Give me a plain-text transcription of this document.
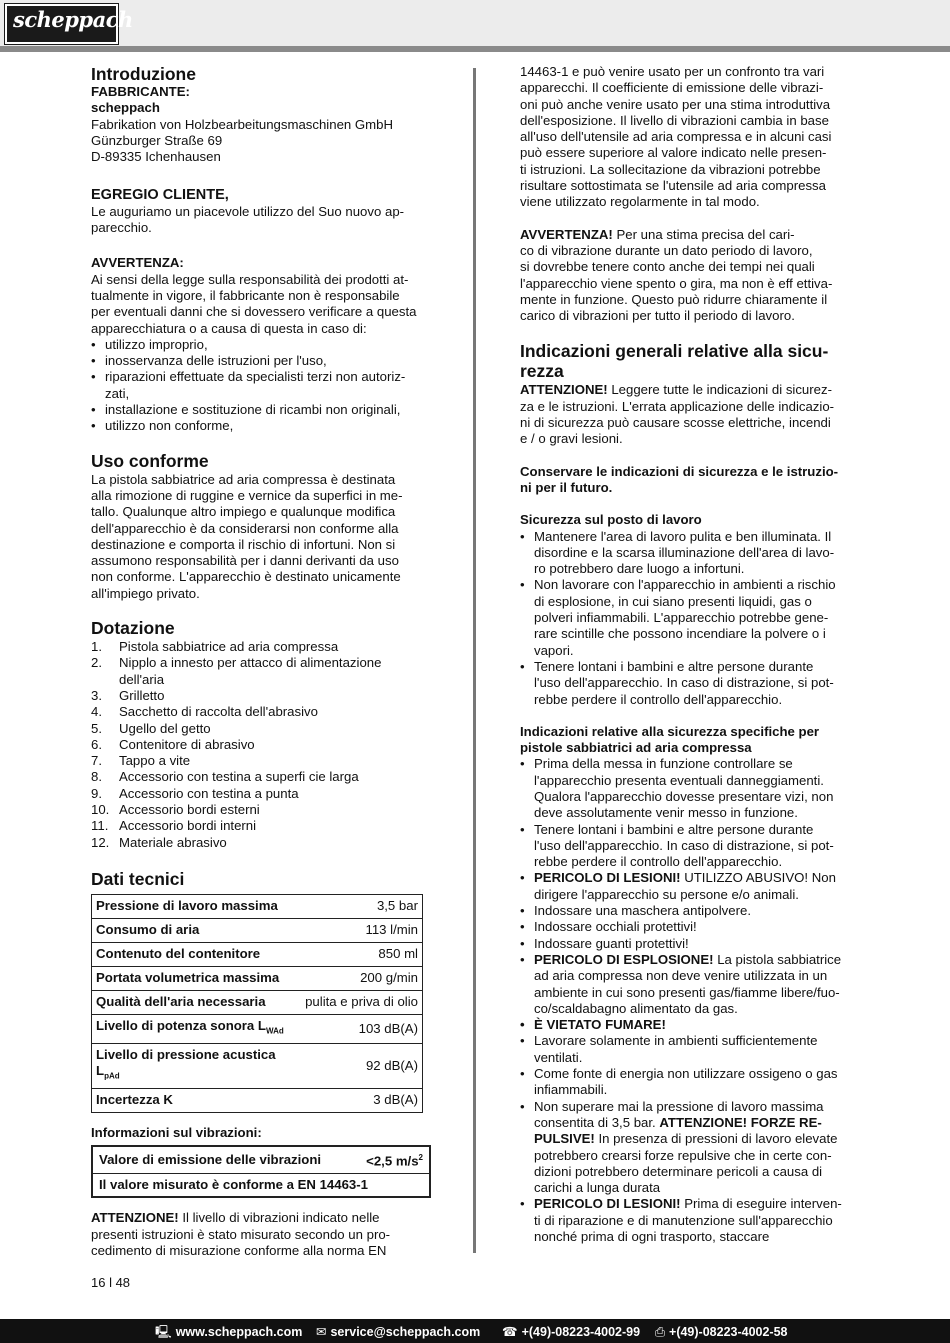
scheppach
Introduzione

FABBRICANTE:

scheppach

Fabrikation von Holzbearbeitungsmaschinen GmbH

Günzburger Straße 69

D-89335 Ichenhausen

EGREGIO CLIENTE,

Le auguriamo un piacevole utilizzo del Suo nuovo ap-

parecchio.

AVVERTENZA:

Ai sensi della legge sulla responsabilità dei prodotti at-

tualmente in vigore, il fabbricante non è responsabile

per eventuali danni che si dovessero verificare a questa

apparecchiatura o a causa di questa in caso di:

• utilizzo improprio,
• inosservanza delle istruzioni per l'uso,
• riparazioni effettuate da specialisti terzi non autoriz-
zati,
• installazione e sostituzione di ricambi non originali,
• utilizzo non conforme,
Uso conforme

La pistola sabbiatrice ad aria compressa è destinata

alla rimozione di ruggine e vernice da superfici in me-

tallo. Qualunque altro impiego e qualunque modifica

dell'apparecchio è da considerarsi non conforme alla

destinazione e comporta il rischio di infortuni. Non si

assumono responsabilità per i danni derivanti da uso

non conforme. L'apparecchio è destinato unicamente

all'impiego privato.

Dotazione
1. Pistola sabbiatrice ad aria compressa
2. Nipplo a innesto per attacco di alimentazione
dell'aria
3. Grilletto
4. Sacchetto di raccolta dell'abrasivo
5. Ugello del getto
6. Contenitore di abrasivo
7. Tappo a vite
8. Accessorio con testina a superfi cie larga
9. Accessorio con testina a punta
10. Accessorio bordi esterni
11. Accessorio bordi interni
12. Materiale abrasivo
Dati tecnici
Pressione di lavoro massima	3,5 bar
Consumo di aria	113 l/min
Contenuto del contenitore	850 ml
Portata volumetrica massima	200 g/min
Qualità dell'aria necessaria	pulita e priva di olio
Livello di potenza sonora $L_{WAd}$	103 dB(A)
Livello di pressione acustica
$L_{pAd}$	92 dB(A)
Incertezza K	3 dB(A)

Informazioni sul vibrazioni:

Valore di emissione delle vibrazioni	<2,5 $m/s^2$
Il valore misurato è conforme a EN 14463-1

ATTENZIONE! Il livello di vibrazioni indicato nelle

presenti istruzioni è stato misurato secondo un pro-

cedimento di misurazione conforme alla norma EN

14463-1 e può venire usato per un confronto tra vari

apparecchi. Il coefficiente di emissione delle vibrazi-

oni può anche venire usato per una stima introduttiva

dell'esposizione. Il livello di vibrazioni cambia in base

all'uso dell'utensile ad aria compressa e in alcuni casi

può essere superiore al valore indicato nelle presen-

ti istruzioni. La sollecitazione da vibrazioni potrebbe

risultare sottostimata se l'utensile ad aria compressa

viene utilizzato regolarmente in tal modo.

AVVERTENZA! Per una stima precisa del cari-

co di vibrazione durante un dato periodo di lavoro,

si dovrebbe tenere conto anche dei tempi nei quali

l'apparecchio viene spento o gira, ma non è eff ettiva-

mente in funzione. Questo può ridurre chiaramente il

carico di vibrazioni per tutto il periodo di lavoro.

Indicazioni generali relative alla sicu-
rezza

ATTENZIONE! Leggere tutte le indicazioni di sicurez-

za e le istruzioni. L'errata applicazione delle indicazio-

ni di sicurezza può causare scosse elettriche, incendi

e / o gravi lesioni.

Conservare le indicazioni di sicurezza e le istruzio-

ni per il futuro.

Sicurezza sul posto di lavoro

• Mantenere l'area di lavoro pulita e ben illuminata. Il
disordine e la scarsa illuminazione dell'area di lavo-
ro potrebbero dare luogo a infortuni.
• Non lavorare con l'apparecchio in ambienti a rischio
di esplosione, in cui siano presenti liquidi, gas o
polveri infiammabili. L'apparecchio potrebbe gene-
rare scintille che possono incendiare la polvere o i
vapori.
• Tenere lontani i bambini e altre persone durante
l'uso dell'apparecchio. In caso di distrazione, si pot-
rebbe perdere il controllo dell'apparecchio.

Indicazioni relative alla sicurezza specifiche per

pistole sabbiatrici ad aria compressa

• Prima della messa in funzione controllare se
l'apparecchio presenta eventuali danneggiamenti.
Qualora l'apparecchio dovesse presentare vizi, non
deve assolutamente venir messo in funzione.
• Tenere lontani i bambini e altre persone durante
l'uso dell'apparecchio. In caso di distrazione, si pot-
rebbe perdere il controllo dell'apparecchio.
• PERICOLO DI LESIONI! UTILIZZO ABUSIVO! Non
dirigere l'apparecchio su persone e/o animali.
• Indossare una maschera antipolvere.
• Indossare occhiali protettivi!
• Indossare guanti protettivi!
• PERICOLO DI ESPLOSIONE! La pistola sabbiatrice
ad aria compressa non deve venire utilizzata in un
ambiente in cui sono presenti gas/fiamme libere/fuo-
co/scaldabagno alimentato da gas.
• È VIETATO FUMARE!
• Lavorare solamente in ambienti sufficientemente
ventilati.
• Come fonte di energia non utilizzare ossigeno o gas
infiammabili.
• Non superare mai la pressione di lavoro massima
consentita di 3,5 bar. ATTENZIONE! FORZE RE-
PULSIVE! In presenza di pressioni di lavoro elevate
potrebbero crearsi forze repulsive che in certe con-
dizioni potrebbero determinare pericoli a causa di
carichi a lunga durata
• PERICOLO DI LESIONI! Prima di eseguire interven-
ti di riparazione e di manutenzione sull'apparecchio
nonché prima di ogni trasporto, staccare
16 l 48
🖳 www.scheppach.com ✉ service@scheppach.com ☎ +(49)-08223-4002-99 ⎙ +(49)-08223-4002-58
